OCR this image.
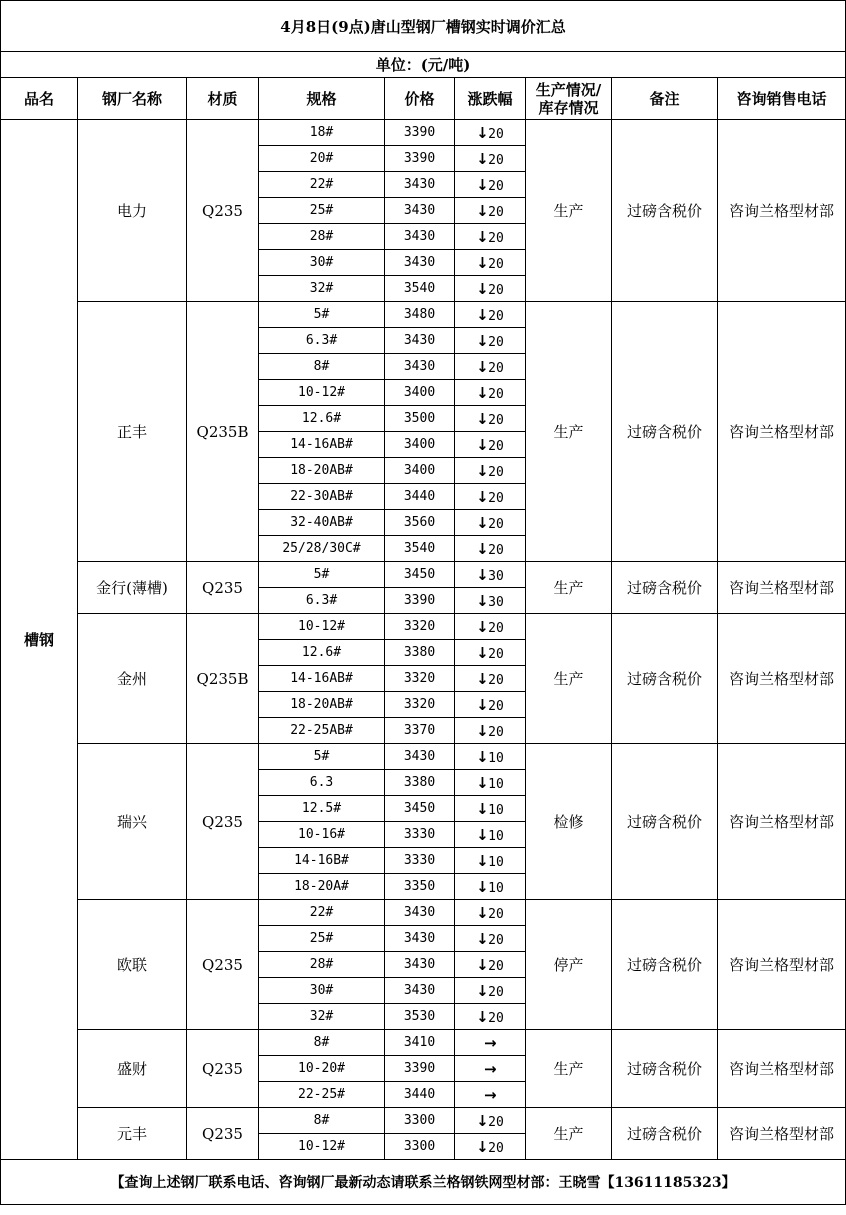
4月8日(9点)唐山型钢厂槽钢实时调价汇总								
单位：(元/吨)								
品名	钢厂名称	材质	规格	价格	涨跌幅	生产情况/
库存情况	备注	咨询销售电话
槽钢	电力	Q235	18#	3390	↓20	生产	过磅含税价	咨询兰格型材部
			20#	3390	↓20			
			22#	3430	↓20			
			25#	3430	↓20			
			28#	3430	↓20			
			30#	3430	↓20			
			32#	3540	↓20			
	正丰	Q235B	5#	3480	↓20	生产	过磅含税价	咨询兰格型材部
			6.3#	3430	↓20			
			8#	3430	↓20			
			10-12#	3400	↓20			
			12.6#	3500	↓20			
			14-16AB#	3400	↓20			
			18-20AB#	3400	↓20			
			22-30AB#	3440	↓20			
			32-40AB#	3560	↓20			
			25/28/30C#	3540	↓20			
	金行(薄槽)	Q235	5#	3450	↓30	生产	过磅含税价	咨询兰格型材部
			6.3#	3390	↓30			
	金州	Q235B	10-12#	3320	↓20	生产	过磅含税价	咨询兰格型材部
			12.6#	3380	↓20			
			14-16AB#	3320	↓20			
			18-20AB#	3320	↓20			
			22-25AB#	3370	↓20			
	瑞兴	Q235	5#	3430	↓10	检修	过磅含税价	咨询兰格型材部
			6.3	3380	↓10			
			12.5#	3450	↓10			
			10-16#	3330	↓10			
			14-16B#	3330	↓10			
			18-20A#	3350	↓10			
	欧联	Q235	22#	3430	↓20	停产	过磅含税价	咨询兰格型材部
			25#	3430	↓20			
			28#	3430	↓20			
			30#	3430	↓20			
			32#	3530	↓20			
	盛财	Q235	8#	3410	→	生产	过磅含税价	咨询兰格型材部
			10-20#	3390	→			
			22-25#	3440	→			
	元丰	Q235	8#	3300	↓20	生产	过磅含税价	咨询兰格型材部
			10-12#	3300	↓20			
【查询上述钢厂联系电话、咨询钢厂最新动态请联系兰格钢铁网型材部：王晓雪【13611185323】								
